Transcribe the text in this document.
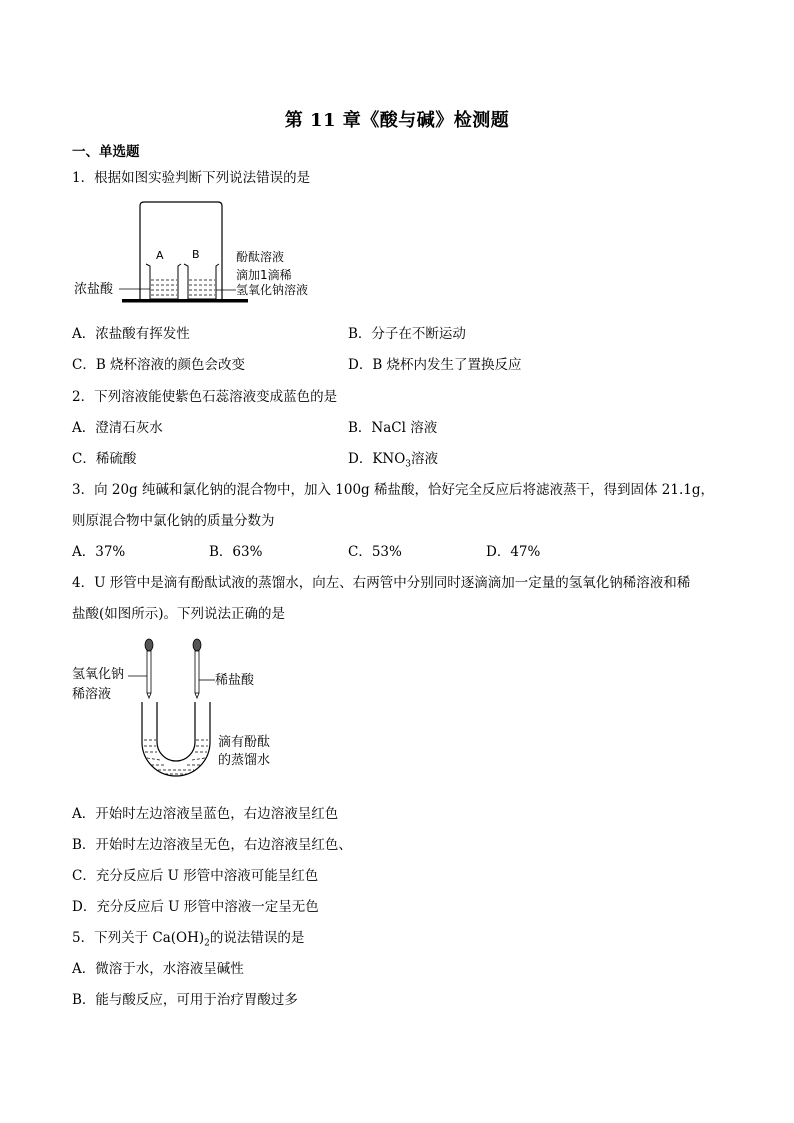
第 11 章《酸与碱》检测题
一、单选题
1．根据如图实验判断下列说法错误的是
A	B	酚酞溶液
滴加1滴稀
氢氧化钠溶液
浓盐酸
A．浓盐酸有挥发性	B．分子在不断运动
C．B 烧杯溶液的颜色会改变	D．B 烧杯内发生了置换反应
2．下列溶液能使紫色石蕊溶液变成蓝色的是
A．澄清石灰水	B．NaCl 溶液
C．稀硫酸	D．$KNO_3$溶液
3．向 20g 纯碱和氯化钠的混合物中，加入 100g 稀盐酸，恰好完全反应后将滤液蒸干，得到固体 21.1g，
则原混合物中氯化钠的质量分数为
A．37%	B．63%	C．53%	D．47%
4．U 形管中是滴有酚酞试液的蒸馏水，向左、右两管中分别同时逐滴滴加一定量的氢氧化钠稀溶液和稀
盐酸(如图所示)。下列说法正确的是
氢氧化钠
稀溶液
稀盐酸
滴有酚酞
的蒸馏水
A．开始时左边溶液呈蓝色，右边溶液呈红色
B．开始时左边溶液呈无色，右边溶液呈红色、
C．充分反应后 U 形管中溶液可能呈红色
D．充分反应后 U 形管中溶液一定呈无色
5．下列关于 $Ca(OH)_2$的说法错误的是
A．微溶于水，水溶液呈碱性
B．能与酸反应，可用于治疗胃酸过多
